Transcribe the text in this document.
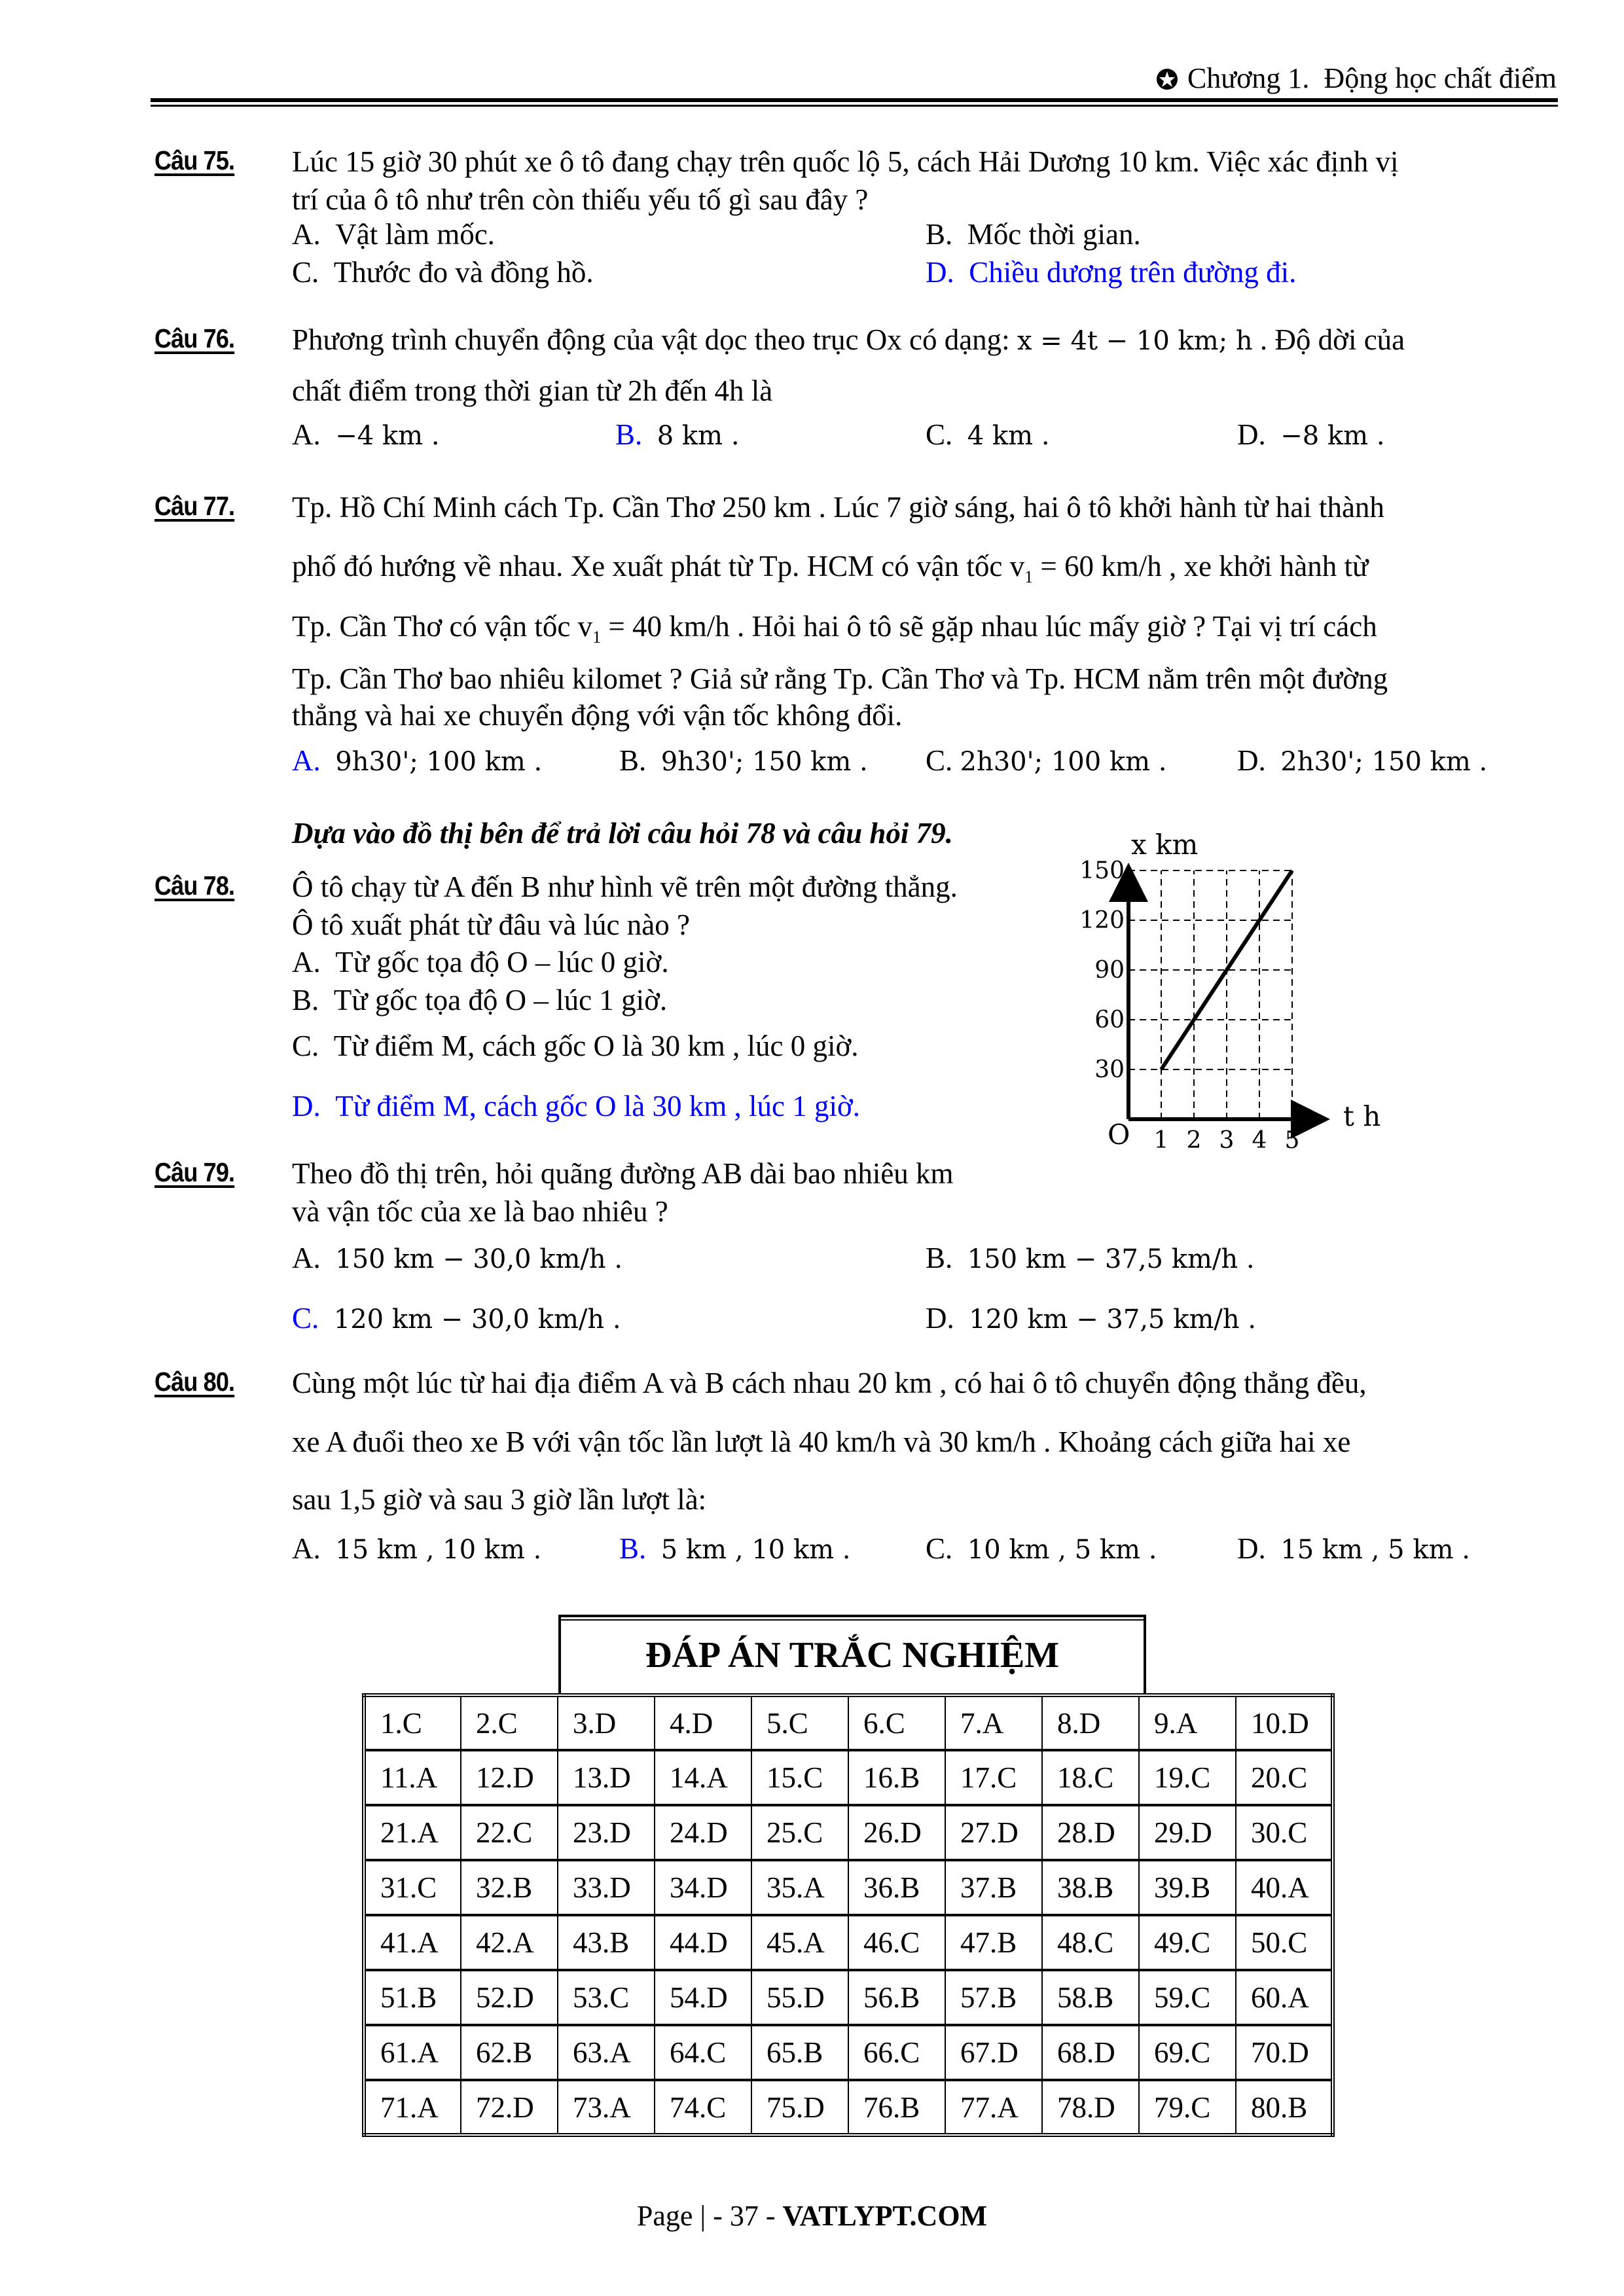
Chương 1. Động học chất điểm
Câu 75. Lúc 15 giờ 30 phút xe ô tô đang chạy trên quốc lộ 5, cách Hải Dương 10 km. Việc xác định vị
trí của ô tô như trên còn thiếu yếu tố gì sau đây ?
A. Vật làm mốc.	B. Mốc thời gian.
C. Thước đo và đồng hồ.	D. Chiều dương trên đường đi.
Câu 76. Phương trình chuyển động của vật dọc theo trục Ox có dạng: x = 4t − 10 km; h . Độ dời của
chất điểm trong thời gian từ 2h đến 4h là
A. −4 km .	B. 8 km .	C. 4 km .	D. −8 km .
Câu 77. Tp. Hồ Chí Minh cách Tp. Cần Thơ 250 km . Lúc 7 giờ sáng, hai ô tô khởi hành từ hai thành
phố đó hướng về nhau. Xe xuất phát từ Tp. HCM có vận tốc $v_1 = 60$ km/h , xe khởi hành từ
Tp. Cần Thơ có vận tốc $v_1 = 40$ km/h . Hỏi hai ô tô sẽ gặp nhau lúc mấy giờ ? Tại vị trí cách
Tp. Cần Thơ bao nhiêu kilomet ? Giả sử rằng Tp. Cần Thơ và Tp. HCM nằm trên một đường
thẳng và hai xe chuyển động với vận tốc không đổi.
A. 9h30'; 100 km .	B. 9h30'; 150 km . C. 2h30'; 100 km . D. 2h30'; 150 km .
Dựa vào đồ thị bên để trả lời câu hỏi 78 và câu hỏi 79.
Câu 78. Ô tô chạy từ A đến B như hình vẽ trên một đường thẳng.
Ô tô xuất phát từ đâu và lúc nào ?
A. Từ gốc tọa độ O – lúc 0 giờ.
B. Từ gốc tọa độ O – lúc 1 giờ.
C. Từ điểm M, cách gốc O là 30 km , lúc 0 giờ.
D. Từ điểm M, cách gốc O là 30 km , lúc 1 giờ.
1 2 3 4 5
30
60
90
120
150
x km
t h
O
Câu 79. Theo đồ thị trên, hỏi quãng đường AB dài bao nhiêu km
và vận tốc của xe là bao nhiêu ?
A. 150 km − 30,0 km/h .	B. 150 km − 37,5 km/h .
C. 120 km − 30,0 km/h .	D. 120 km − 37,5 km/h .
Câu 80. Cùng một lúc từ hai địa điểm A và B cách nhau 20 km , có hai ô tô chuyển động thẳng đều,
xe A đuổi theo xe B với vận tốc lần lượt là 40 km/h và 30 km/h . Khoảng cách giữa hai xe
sau 1,5 giờ và sau 3 giờ lần lượt là:
A. 15 km , 10 km .	B. 5 km , 10 km .	C. 10 km , 5 km .	D. 15 km , 5 km .
ĐÁP ÁN TRẮC NGHIỆM
1.C	2.C	3.D	4.D	5.C	6.C	7.A	8.D	9.A	10.D
11.A	12.D	13.D	14.A	15.C	16.B	17.C	18.C	19.C	20.C
21.A	22.C	23.D	24.D	25.C	26.D	27.D	28.D	29.D	30.C
31.C	32.B	33.D	34.D	35.A	36.B	37.B	38.B	39.B	40.A
41.A	42.A	43.B	44.D	45.A	46.C	47.B	48.C	49.C	50.C
51.B	52.D	53.C	54.D	55.D	56.B	57.B	58.B	59.C	60.A
61.A	62.B	63.A	64.C	65.B	66.C	67.D	68.D	69.C	70.D
71.A	72.D	73.A	74.C	75.D	76.B	77.A	78.D	79.C	80.B
Page | - 37 - VATLYPT.COM
